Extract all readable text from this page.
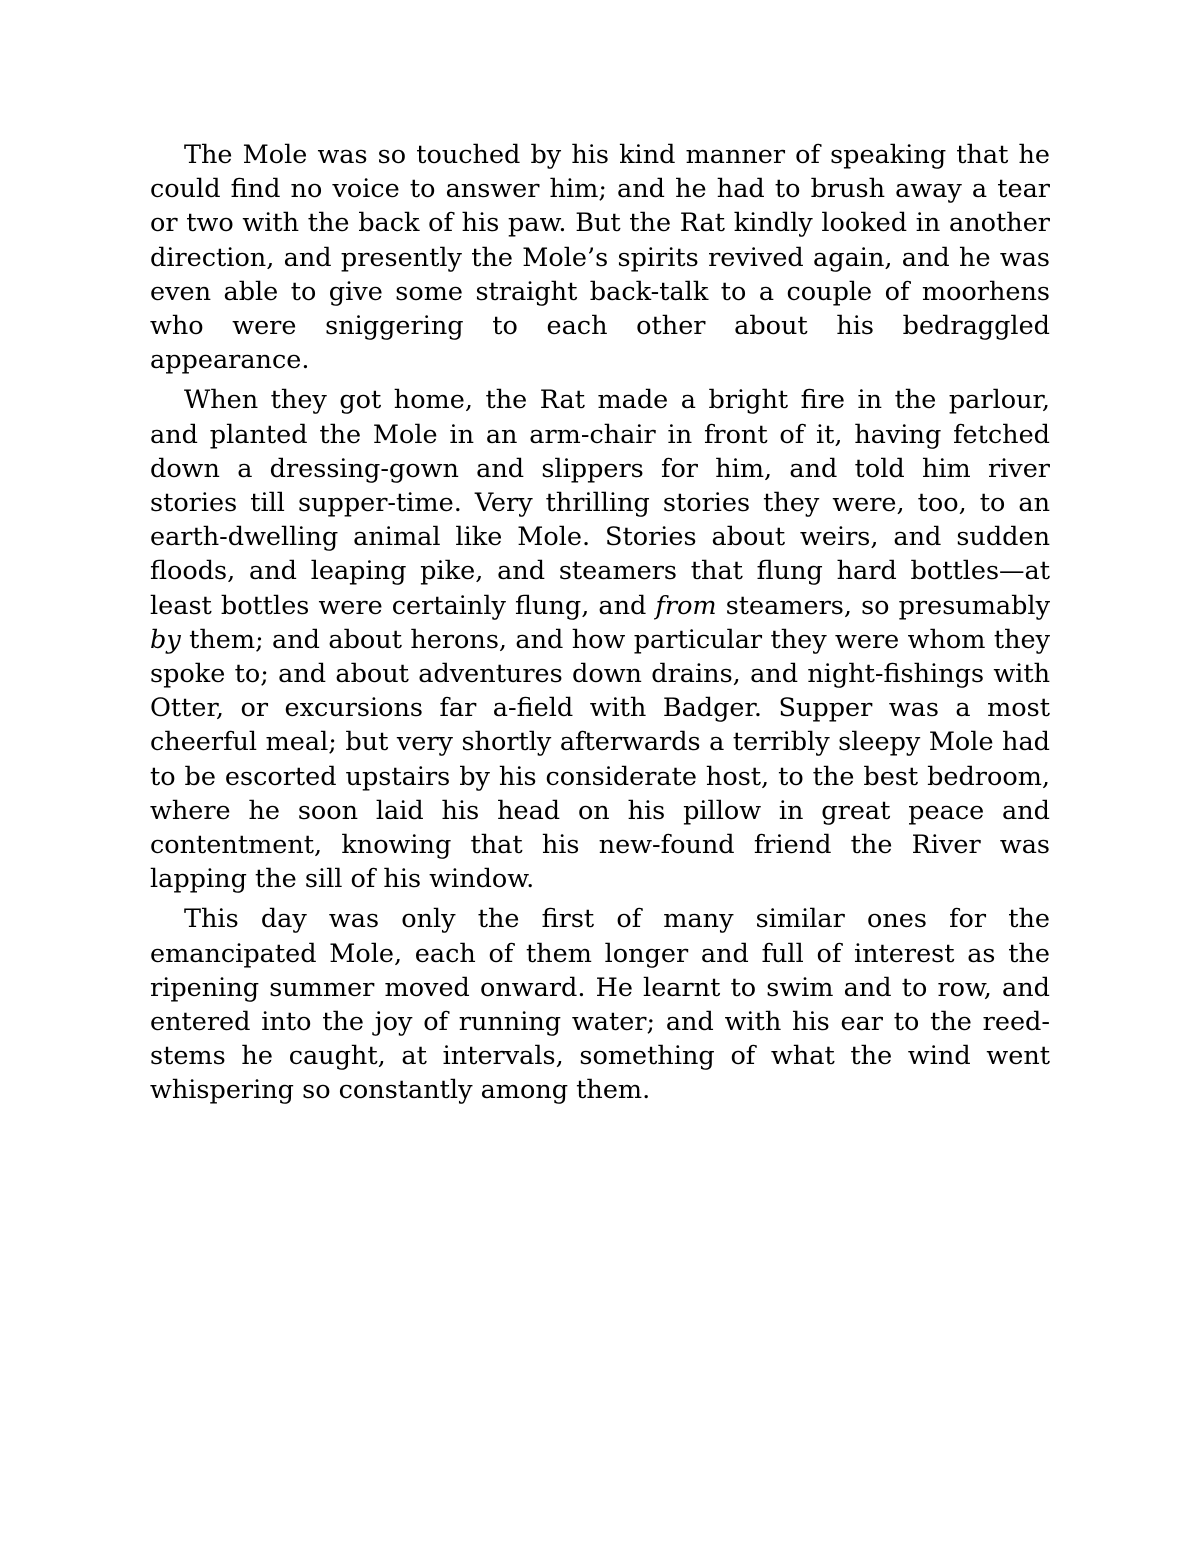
The Mole was so touched by his kind manner of speaking that he could find no voice to answer him; and he had to brush away a tear or two with the back of his paw. But the Rat kindly looked in another direction, and presently the Mole’s spirits revived again, and he was even able to give some straight back-talk to a couple of moorhens who were sniggering to each other about his bedraggled appearance.

When they got home, the Rat made a bright fire in the parlour, and planted the Mole in an arm-chair in front of it, having fetched down a dressing-gown and slippers for him, and told him river stories till supper-time. Very thrilling stories they were, too, to an earth-dwelling animal like Mole. Stories about weirs, and sudden floods, and leaping pike, and steamers that flung hard bottles—at least bottles were certainly flung, and from steamers, so presumably by them; and about herons, and how particular they were whom they spoke to; and about adventures down drains, and night-fishings with Otter, or excursions far a-field with Badger. Supper was a most cheerful meal; but very shortly afterwards a terribly sleepy Mole had to be escorted upstairs by his considerate host, to the best bedroom, where he soon laid his head on his pillow in great peace and contentment, knowing that his new-found friend the River was lapping the sill of his window.

This day was only the first of many similar ones for the emancipated Mole, each of them longer and full of interest as the ripening summer moved onward. He learnt to swim and to row, and entered into the joy of running water; and with his ear to the reed-stems he caught, at intervals, something of what the wind went whispering so constantly among them.
